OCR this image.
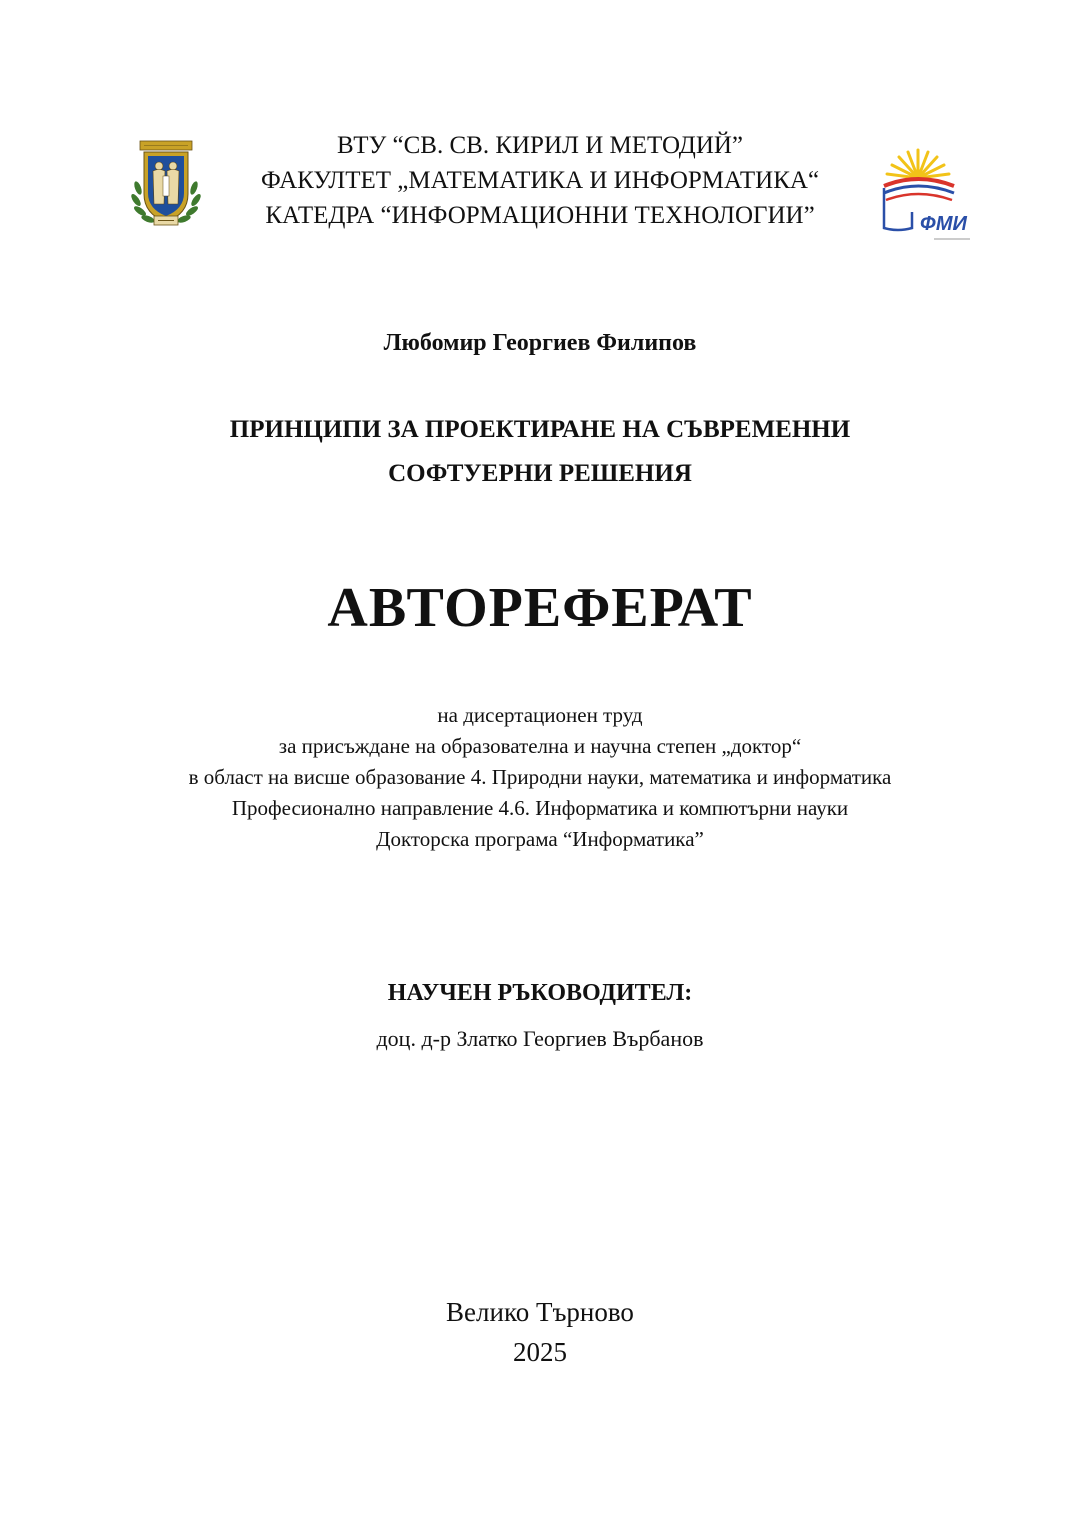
ВТУ “СВ. СВ. КИРИЛ И МЕТОДИЙ”
ФАКУЛТЕТ „МАТЕМАТИКА И ИНФОРМАТИКА“
КАТЕДРА “ИНФОРМАЦИОННИ ТЕХНОЛОГИИ”	ФМИ
Любомир Георгиев Филипов
ПРИНЦИПИ ЗА ПРОЕКТИРАНЕ НА СЪВРЕМЕННИ
СОФТУЕРНИ РЕШЕНИЯ
АВТОРЕФЕРАТ
на дисертационен труд
за присъждане на образователна и научна степен „доктор“
в област на висше образование 4. Природни науки, математика и информатика
Професионално направление 4.6. Информатика и компютърни науки
Докторска програма “Информатика”
НАУЧЕН РЪКОВОДИТЕЛ:
доц. д-р Златко Георгиев Върбанов
Велико Търново
2025
